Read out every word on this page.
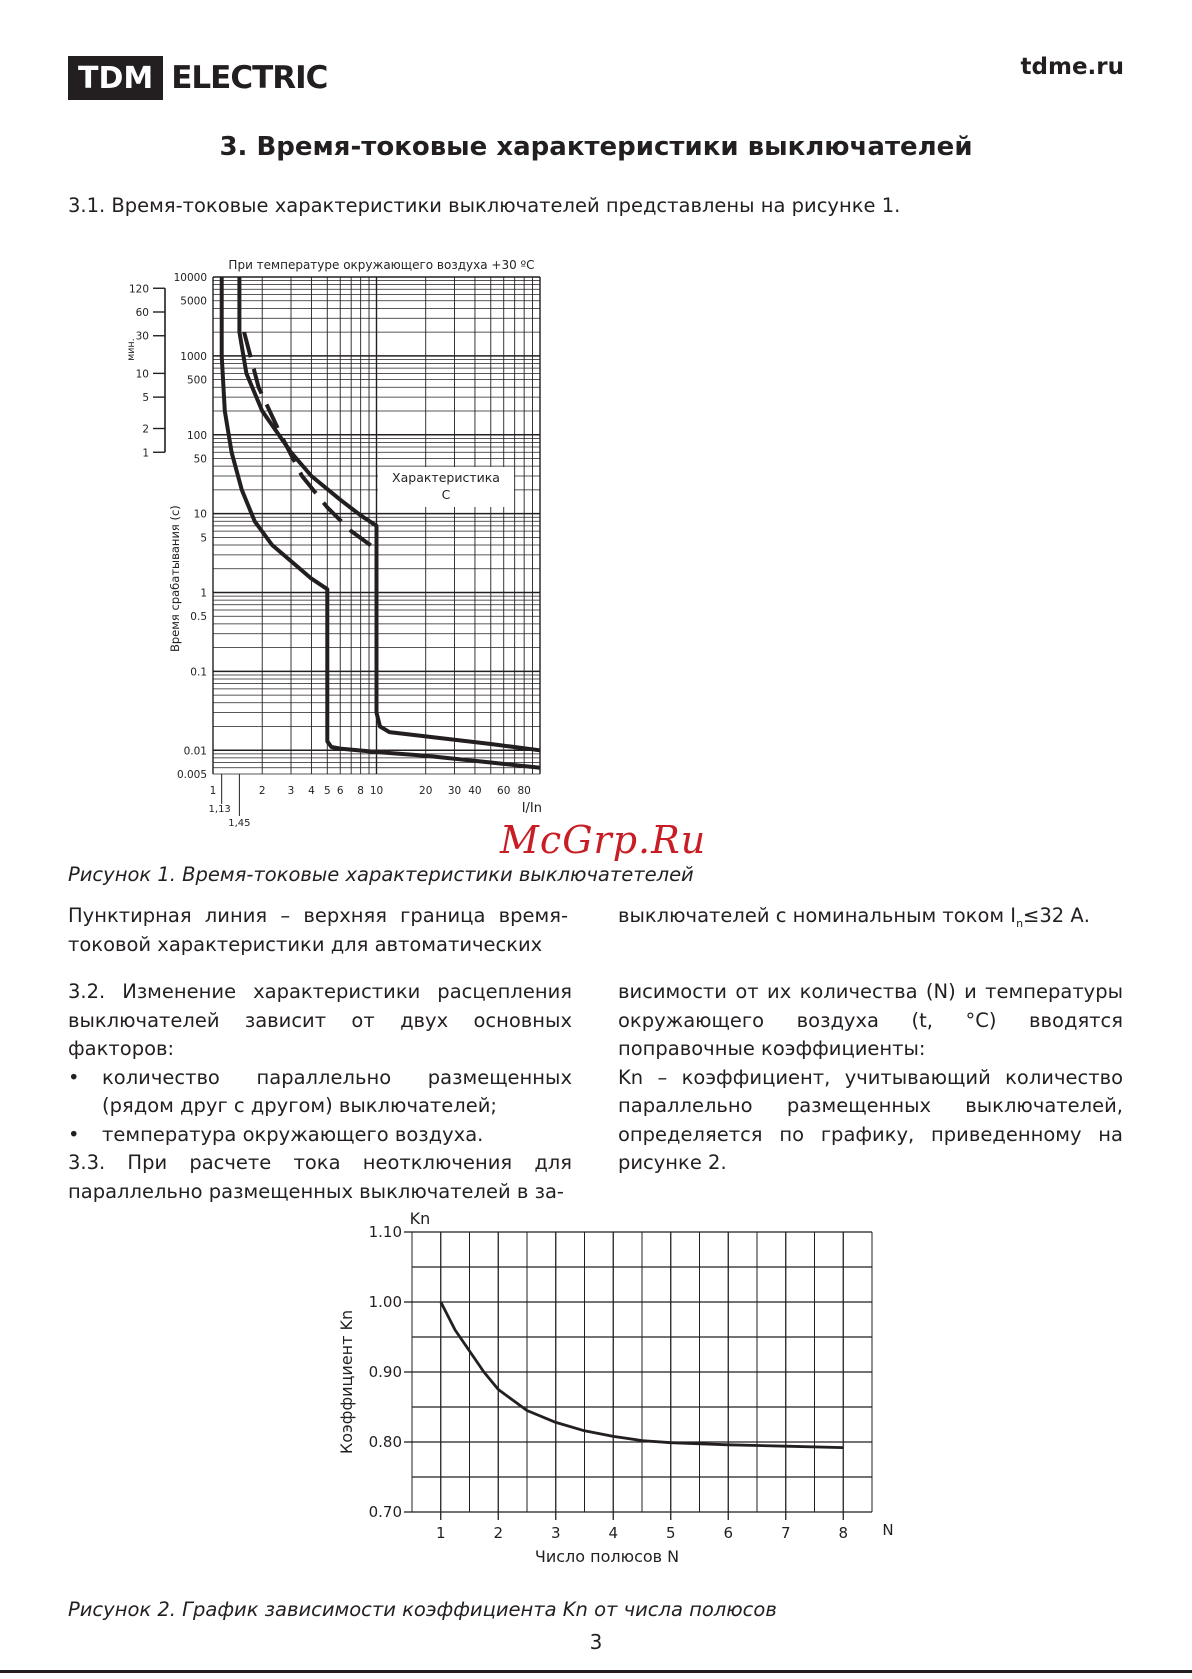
TDM ELECTRIC	tdme.ru
3. Время-токовые характеристики выключателей

3.1. Время-токовые характеристики выключателей представлены на рисунке 1.

10000
5000
1000
500
100
50
10
5
1
0.5
0.1
0.01
0.005
1	2 3 4 5 6 8 10	20 30 40 60 80
1,13
1,45
I/In
При температуре окружающего воздуха +30 ºС
Время срабатывания (с)
120
60
30
10
5
2
1
мин.
Характеристика
С
McGrp.Ru
Рисунок 1. Время-токовые характеристики выключатетелей

Пунктирная линия – верхняя граница время-токовой характеристики для автоматических

выключателей с номинальным током $I_n\le 32$ А.

3.2. Изменение характеристики расцепления выключателей зависит от двух основных факторов:
• количество параллельно размещенных (рядом друг с другом) выключателей;
• температура окружающего воздуха.
3.3. При расчете тока неотключения для параллельно размещенных выключателей в за-
висимости от их количества (N) и температуры окружающего воздуха (t, °C) вводятся поправочные коэффициенты:
Kn – коэффициент, учитывающий количество параллельно размещенных выключателей, определяется по графику, приведенному на рисунке 2.
1.10
1.00
0.90
0.80
0.70
1	2	3	4	5	6	7	8 N
Kn
Число полюсов N
Коэффициент Kn
Рисунок 2. График зависимости коэффициента Kn от числа полюсов
3
